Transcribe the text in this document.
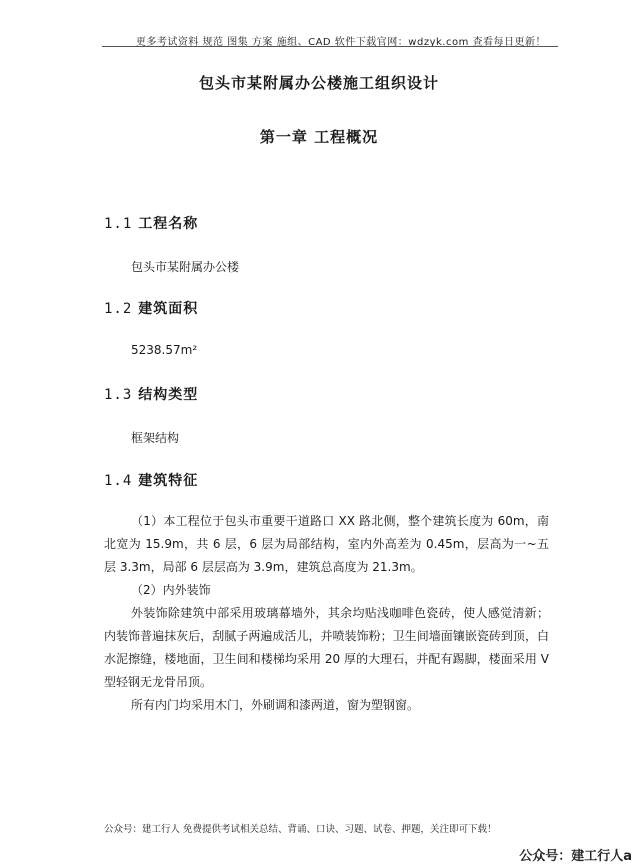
更多考试资料 规范 图集 方案 施组、CAD 软件下载官网：wdzyk.com 查看每日更新！
包头市某附属办公楼施工组织设计
第一章 工程概况
1.1 工程名称
包头市某附属办公楼
1.2 建筑面积
5238.57m²
1.3 结构类型
框架结构
1.4 建筑特征

（1）本工程位于包头市重要干道路口 XX 路北侧，整个建筑长度为 60m，南北宽为 15.9m，共 6 层，6 层为局部结构，室内外高差为 0.45m，层高为一~五层 3.3m，局部 6 层层高为 3.9m，建筑总高度为 21.3m。

（2）内外装饰

外装饰除建筑中部采用玻璃幕墙外，其余均贴浅咖啡色瓷砖，使人感觉清新；内装饰普遍抹灰后，刮腻子两遍成活儿，并喷装饰粉；卫生间墙面镶嵌瓷砖到顶，白水泥擦缝，楼地面，卫生间和楼梯均采用 20 厚的大理石，并配有踢脚，楼面采用 V 型轻钢无龙骨吊顶。

所有内门均采用木门，外刷调和漆两道，窗为塑钢窗。

公众号：建工行人 免费提供考试相关总结、背诵、口诀、习题、试卷、押题，关注即可下载！
公众号：建工行人a
